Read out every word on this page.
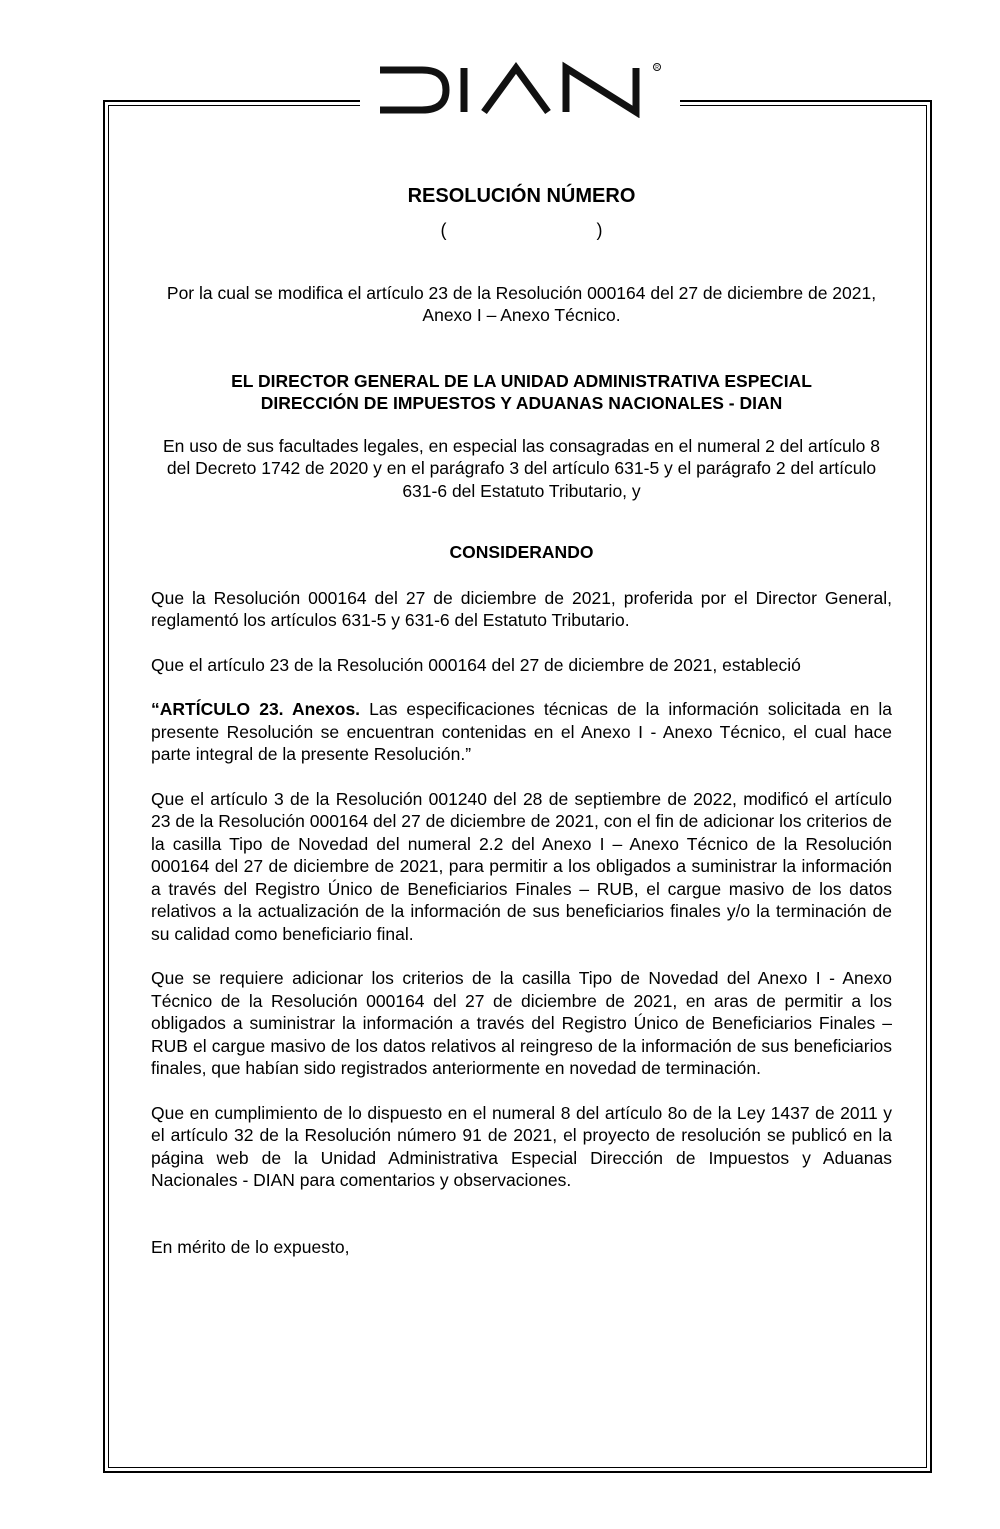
R

RESOLUCIÓN NÚMERO

(	)

Por la cual se modifica el artículo 23 de la Resolución 000164 del 27 de diciembre de 2021, Anexo I – Anexo Técnico.

EL DIRECTOR GENERAL DE LA UNIDAD ADMINISTRATIVA ESPECIAL

DIRECCIÓN DE IMPUESTOS Y ADUANAS NACIONALES - DIAN

En uso de sus facultades legales, en especial las consagradas en el numeral 2 del artículo 8 del Decreto 1742 de 2020 y en el parágrafo 3 del artículo 631-5 y el parágrafo 2 del artículo 631-6 del Estatuto Tributario, y

CONSIDERANDO

Que la Resolución 000164 del 27 de diciembre de 2021, proferida por el Director General, reglamentó los artículos 631-5 y 631-6 del Estatuto Tributario.

Que el artículo 23 de la Resolución 000164 del 27 de diciembre de 2021, estableció

“ARTÍCULO 23. Anexos. Las especificaciones técnicas de la información solicitada en la presente Resolución se encuentran contenidas en el Anexo I - Anexo Técnico, el cual hace parte integral de la presente Resolución.”

Que el artículo 3 de la Resolución 001240 del 28 de septiembre de 2022, modificó el artículo 23 de la Resolución 000164 del 27 de diciembre de 2021, con el fin de adicionar los criterios de la casilla Tipo de Novedad del numeral 2.2 del Anexo I – Anexo Técnico de la Resolución 000164 del 27 de diciembre de 2021, para permitir a los obligados a suministrar la información a través del Registro Único de Beneficiarios Finales – RUB, el cargue masivo de los datos relativos a la actualización de la información de sus beneficiarios finales y/o la terminación de su calidad como beneficiario final.

Que se requiere adicionar los criterios de la casilla Tipo de Novedad del Anexo I - Anexo Técnico de la Resolución 000164 del 27 de diciembre de 2021, en aras de permitir a los obligados a suministrar la información a través del Registro Único de Beneficiarios Finales – RUB el cargue masivo de los datos relativos al reingreso de la información de sus beneficiarios finales, que habían sido registrados anteriormente en novedad de terminación.

Que en cumplimiento de lo dispuesto en el numeral 8 del artículo 8o de la Ley 1437 de 2011 y el artículo 32 de la Resolución número 91 de 2021, el proyecto de resolución se publicó en la página web de la Unidad Administrativa Especial Dirección de Impuestos y Aduanas Nacionales - DIAN para comentarios y observaciones.

En mérito de lo expuesto,
